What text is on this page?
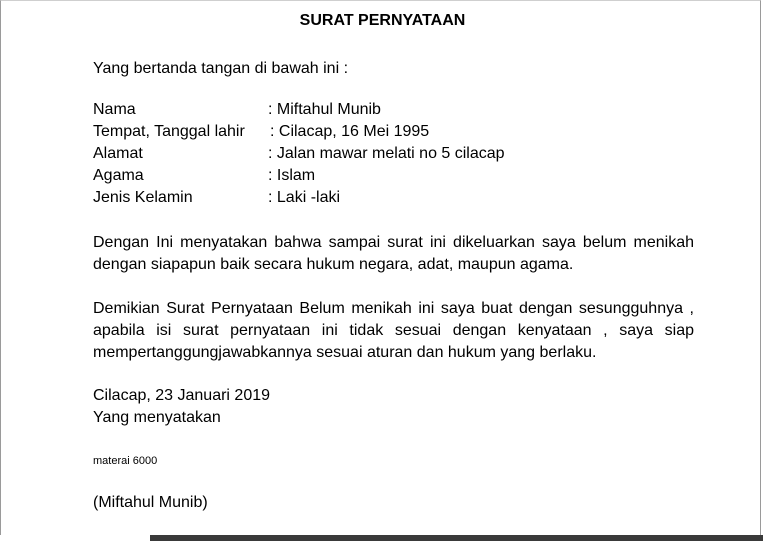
SURAT PERNYATAAN
Yang bertanda tangan di bawah ini :
Nama	: Miftahul Munib
Tempat, Tanggal lahir : Cilacap, 16 Mei 1995
Alamat	: Jalan mawar melati no 5 cilacap
Agama	: Islam
Jenis Kelamin	: Laki -laki
Dengan Ini menyatakan bahwa sampai surat ini dikeluarkan saya belum menikah
dengan siapapun baik secara hukum negara, adat, maupun agama.
Demikian Surat Pernyataan Belum menikah ini saya buat dengan sesungguhnya ,
apabila isi surat pernyataan ini tidak sesuai dengan kenyataan , saya siap
mempertanggungjawabkannya sesuai aturan dan hukum yang berlaku.
Cilacap, 23 Januari 2019
Yang menyatakan
materai 6000
(Miftahul Munib)
